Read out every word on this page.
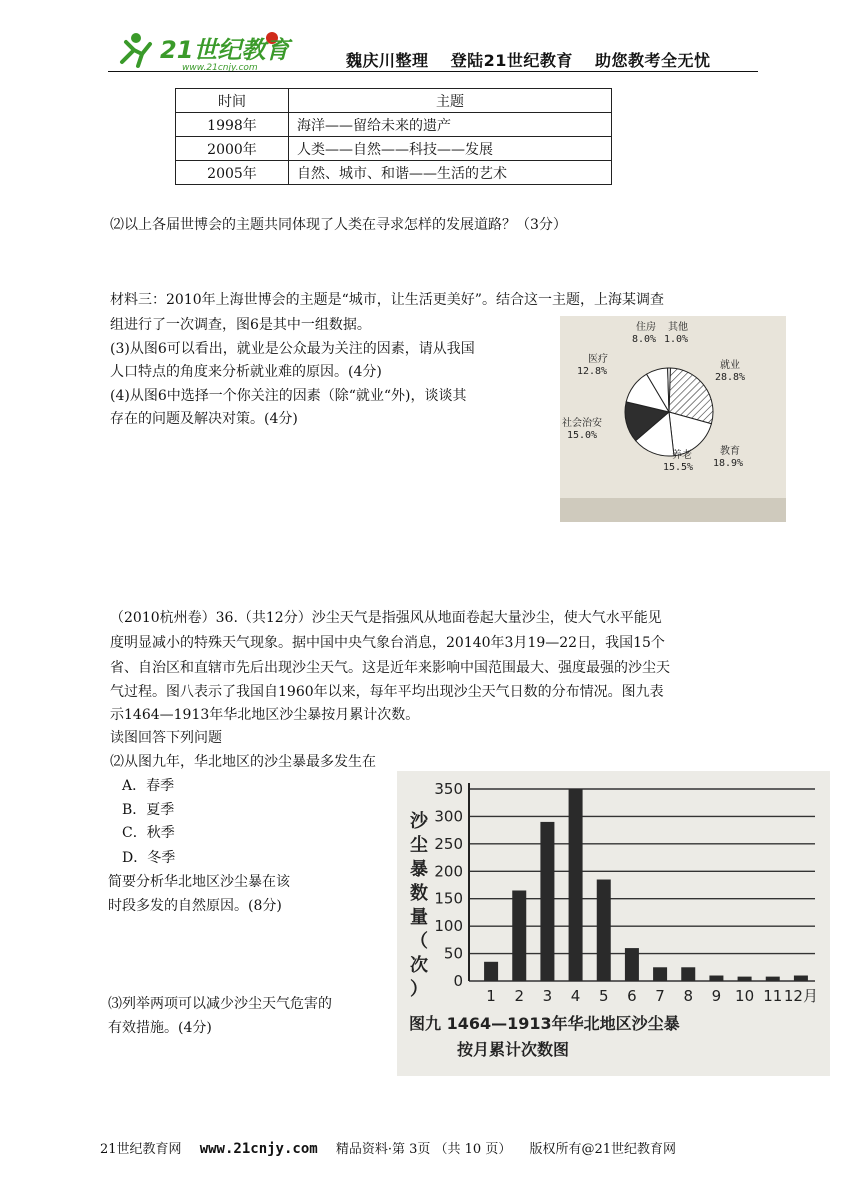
21世纪教育
www.21cnjy.com	魏庆川整理 登陆21世纪教育 助您教考全无忧
时间	主题
1998年	海洋——留给未来的遗产
2000年	人类——自然——科技——发展
2005年	自然、城市、和谐——生活的艺术
⑵以上各届世博会的主题共同体现了人类在寻求怎样的发展道路？（3分）
材料三：2010年上海世博会的主题是“城市，让生活更美好”。结合这一主题，上海某调查
组进行了一次调查，图6是其中一组数据。
(3)从图6可以看出，就业是公众最为关注的因素，请从我国
人口特点的角度来分析就业难的原因。(4分)
(4)从图6中选择一个你关注的因素（除“就业“外)，谈谈其
存在的问题及解决对策。(4分)
就业
28.8%
教育
18.9%
养老
15.5%
社会治安
15.0%
医疗
12.8%
住房
8.0%
其他
1.0%
（2010杭州卷）36.（共12分）沙尘天气是指强风从地面卷起大量沙尘，使大气水平能见
度明显减小的特殊天气现象。据中国中央气象台消息，20140年3月19—22日，我国15个
省、自治区和直辖市先后出现沙尘天气。这是近年来影响中国范围最大、强度最强的沙尘天
气过程。图八表示了我国自1960年以来，每年平均出现沙尘天气日数的分布情况。图九表
示1464—1913年华北地区沙尘暴按月累计次数。
读图回答下列问题
⑵从图九年，华北地区的沙尘暴最多发生在
A．春季
B．夏季
C．秋季
D．冬季
简要分析华北地区沙尘暴在该
时段多发的自然原因。(8分)
⑶列举两项可以减少沙尘天气危害的
有效措施。(4分)
0
50
100
150
200
250
300
350
沙
尘
暴
数
量
（
次
）	1 2 3 4 5 6 7 8 9 10 11 12月
图九 1464—1913年华北地区沙尘暴
按月累计次数图
21世纪教育网 www.21cnjy.com 精品资料·第 3页 （共 10 页） 版权所有@21世纪教育网
